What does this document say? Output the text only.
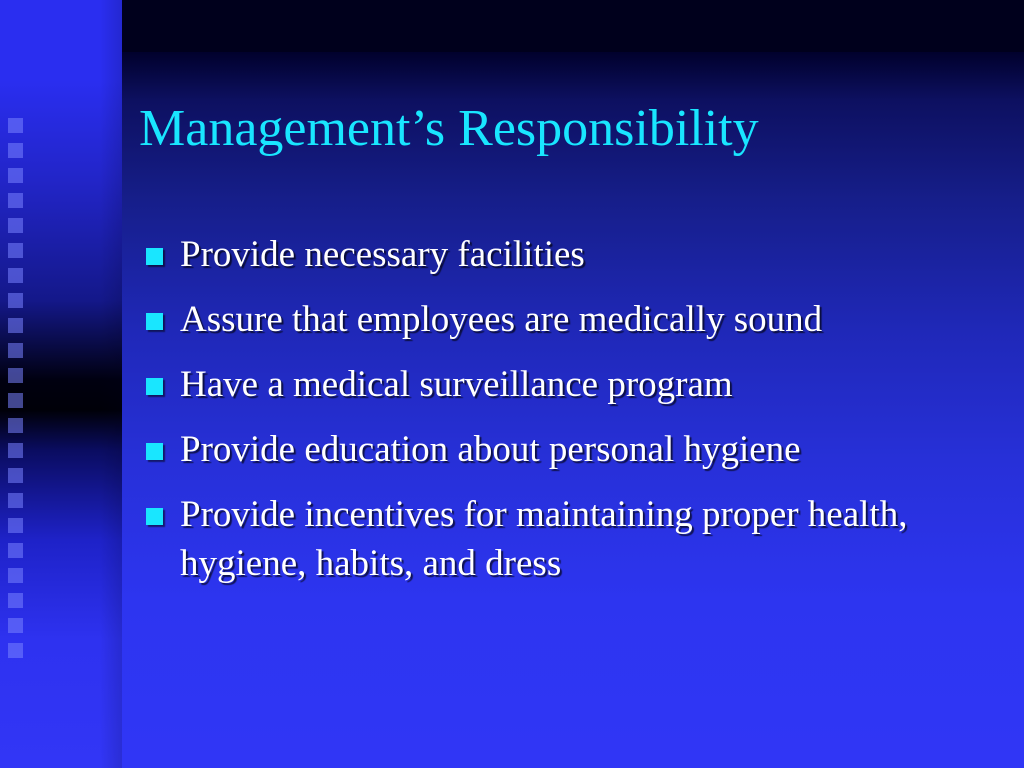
Management’s Responsibility
Provide necessary facilities
Assure that employees are medically sound
Have a medical surveillance program
Provide education about personal hygiene
Provide incentives for maintaining proper health, hygiene, habits, and dress
